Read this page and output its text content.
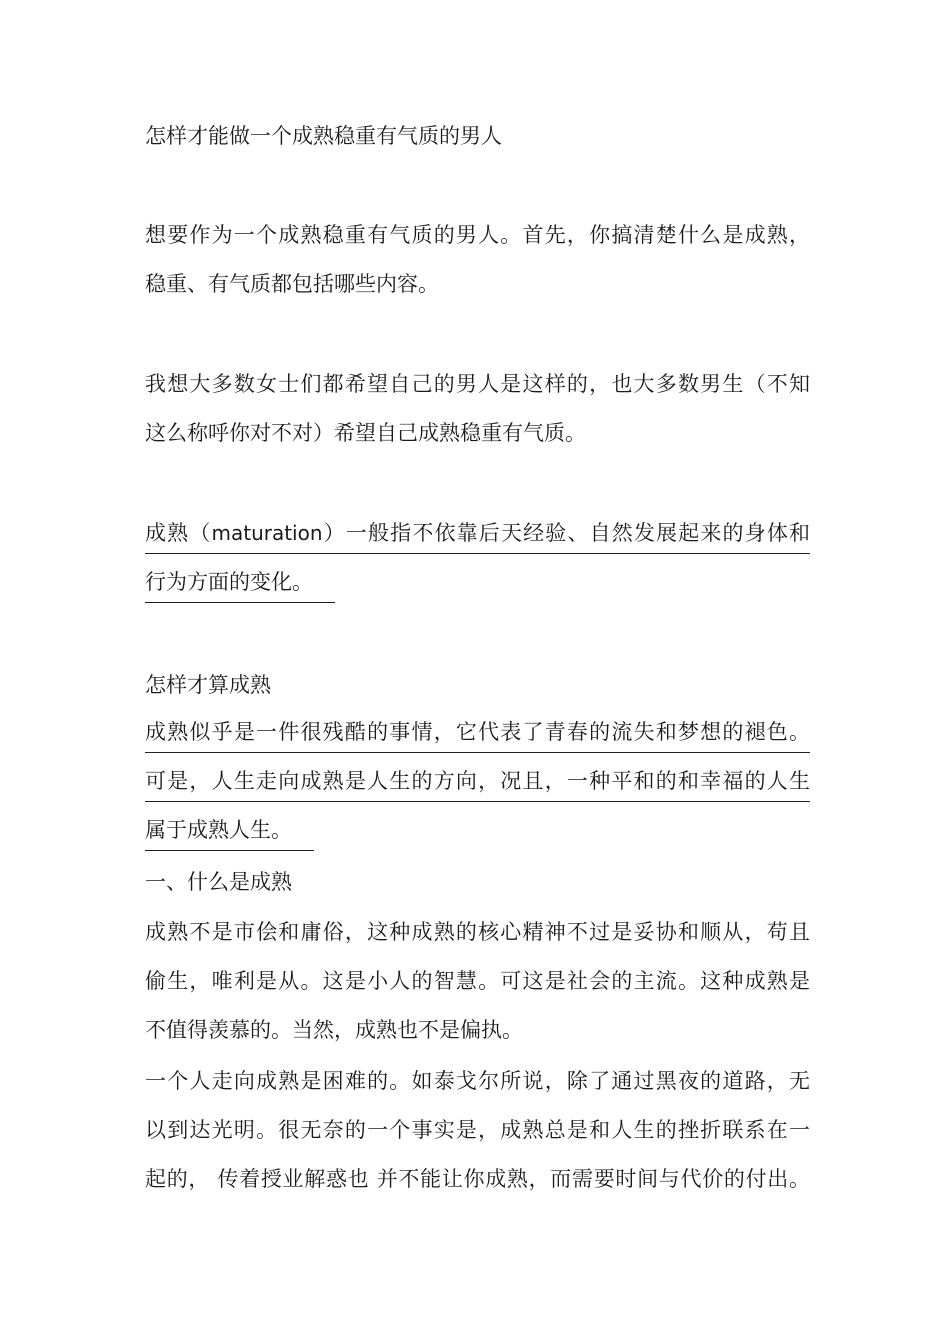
怎样才能做一个成熟稳重有气质的男人
想要作为一个成熟稳重有气质的男人。首先，你搞清楚什么是成熟，
稳重、有气质都包括哪些内容。
我想大多数女士们都希望自己的男人是这样的，也大多数男生（不知
这么称呼你对不对）希望自己成熟稳重有气质。
成熟（maturation）一般指不依靠后天经验、自然发展起来的身体和
行为方面的变化。
怎样才算成熟
成熟似乎是一件很残酷的事情，它代表了青春的流失和梦想的褪色。
可是，人生走向成熟是人生的方向，况且，一种平和的和幸福的人生
属于成熟人生。
一、什么是成熟
成熟不是市侩和庸俗，这种成熟的核心精神不过是妥协和顺从，苟且
偷生，唯利是从。这是小人的智慧。可这是社会的主流。这种成熟是
不值得羡慕的。当然，成熟也不是偏执。
一个人走向成熟是困难的。如泰戈尔所说，除了通过黑夜的道路，无
以到达光明。很无奈的一个事实是，成熟总是和人生的挫折联系在一
起的， 传着授业解惑也 并不能让你成熟，而需要时间与代价的付出。
